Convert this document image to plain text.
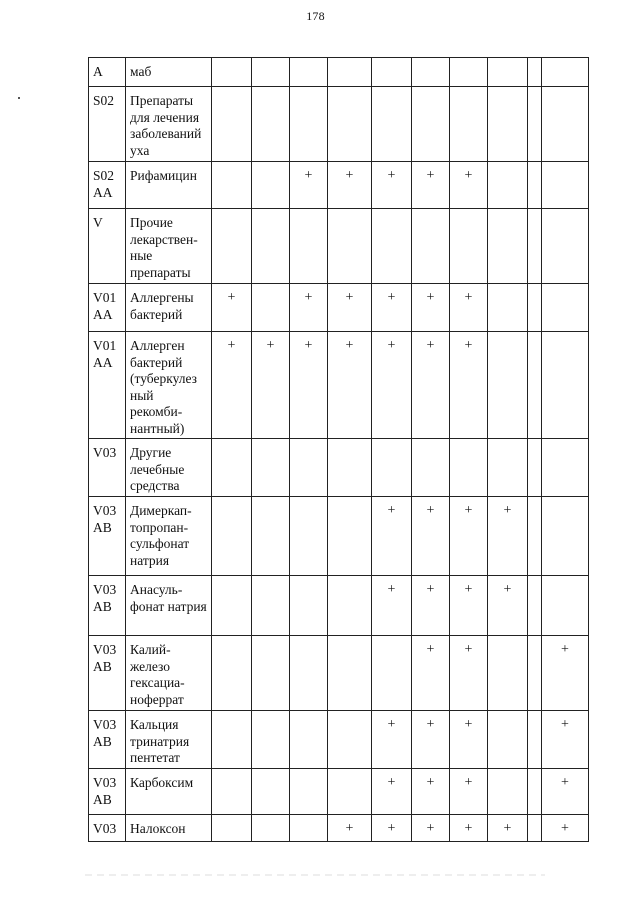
178
A	маб										
S02	Препараты для лечения заболеваний уха										
S02 AA	Рифамицин			+	+	+	+	+			
V	Прочие лекарствен-ные препараты										
V01 AA	Аллергены бактерий	+		+	+	+	+	+			
V01 AA	Аллерген бактерий (туберкулез ный рекомби-нантный)	+	+	+	+	+	+	+			
V03	Другие лечебные средства										
V03 AB	Димеркап-топропан-сульфонат натрия					+	+	+	+		
V03 AB	Анасуль-фонат натрия					+	+	+	+		
V03 AB	Калий-железо гексациа-ноферрат						+	+			+
V03 AB	Кальция тринатрия пентетат					+	+	+			+
V03 AB	Карбоксим					+	+	+			+
V03	Налоксон				+	+	+	+	+		+
